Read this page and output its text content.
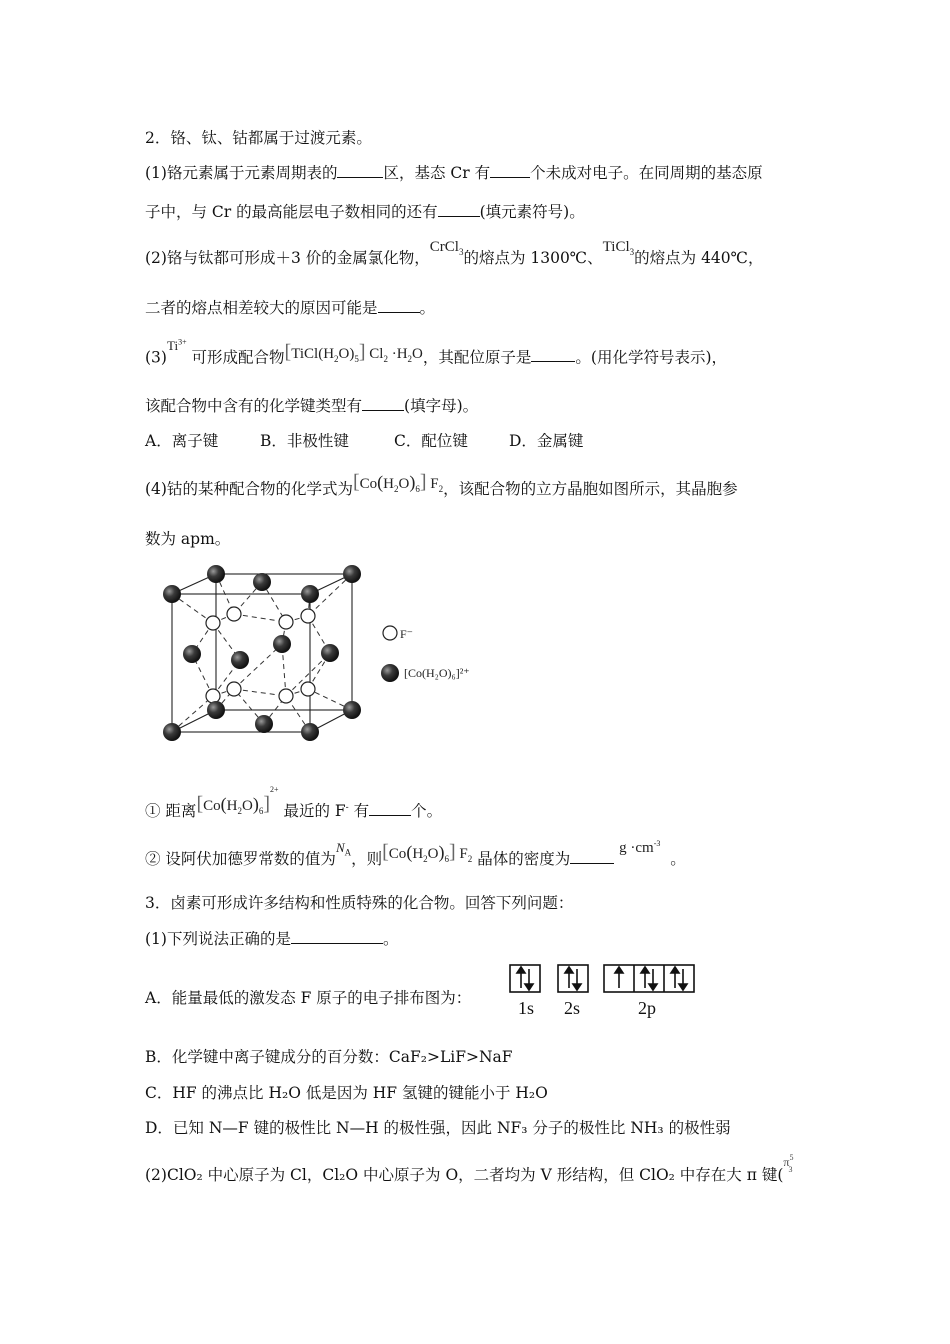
2．铬、钛、钴都属于过渡元素。
(1)铬元素属于元素周期表的	区，基态 Cr 有	个未成对电子。在同周期的基态原
子中，与 Cr 的最高能层电子数相同的还有	(填元素符号)。
(2)铬与钛都可形成＋3 价的金属氯化物，CrCl$_3$的熔点为 1300℃、TiCl$_3$的熔点为 440℃，
二者的熔点相差较大的原因可能是	。
$(3)^{Ti^{3+}}$ 可形成配合物$[TiCl(H_2O)_5]$ $Cl_2 \cdot H_2O$，其配位原子是	。(用化学符号表示)，
该配合物中含有的化学键类型有	(填字母)。
A．离子键	B．非极性键	C．配位键	D．金属键
(4)钴的某种配合物的化学式为$[Co(H_2O)_6]$ $F_2$，该配合物的立方晶胞如图所示，其晶胞参
数为 apm。
F⁻
[Co(H₂O)₆]²⁺
① 距离$[Co(H_2O)_6]^{2+}$ 最近的 F- 有	个。
② 设阿伏加德罗常数的值为$^{N_A}$，则$[Co(H_2O)_6]$ $F_2$ 晶体的密度为 $g \cdot cm^{-3}$  。
3．卤素可形成许多结构和性质特殊的化合物。回答下列问题：
(1)下列说法正确的是	。
A．能量最低的激发态 F 原子的电子排布图为：	1s 2s	2p
B．化学键中离子键成分的百分数：CaF₂>LiF>NaF
C．HF 的沸点比 H₂O 低是因为 HF 氢键的键能小于 H₂O
D．已知 N—F 键的极性比 N—H 的极性强，因此 NF₃ 分子的极性比 NH₃ 的极性弱
(2)ClO₂ 中心原子为 Cl，Cl₂O 中心原子为 O，二者均为 V 形结构，但 ClO₂ 中存在大 π 键($^{\pi^5_3}$
